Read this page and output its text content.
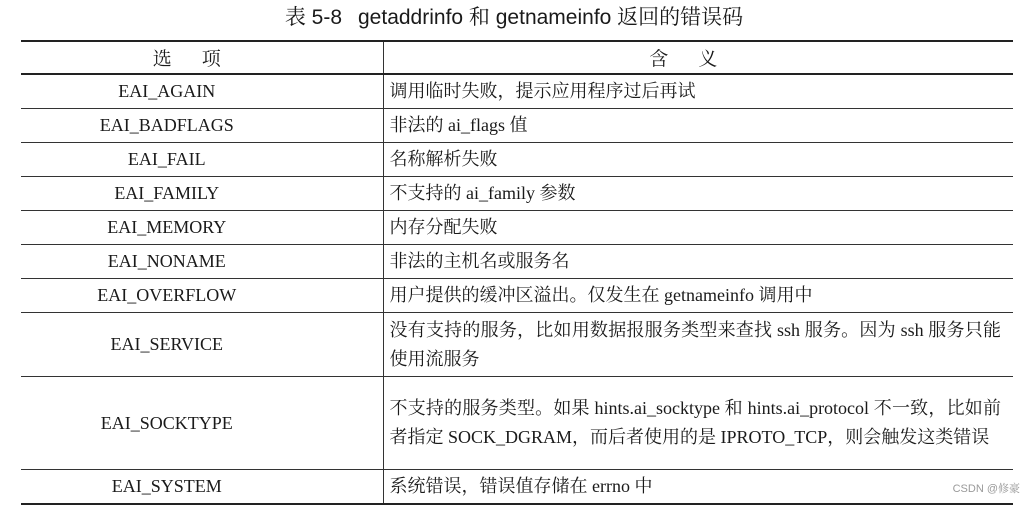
表 5-8 getaddrinfo 和 getnameinfo 返回的错误码
选项	含义
EAI_AGAIN	调用临时失败，提示应用程序过后再试
EAI_BADFLAGS	非法的 ai_flags 值
EAI_FAIL	名称解析失败
EAI_FAMILY	不支持的 ai_family 参数
EAI_MEMORY	内存分配失败
EAI_NONAME	非法的主机名或服务名
EAI_OVERFLOW	用户提供的缓冲区溢出。仅发生在 getnameinfo 调用中
EAI_SERVICE	没有支持的服务，比如用数据报服务类型来查找 ssh 服务。因为 ssh 服务只能使用流服务
EAI_SOCKTYPE	不支持的服务类型。如果 hints.ai_socktype 和 hints.ai_protocol 不一致，比如前者指定 SOCK_DGRAM，而后者使用的是 IPROTO_TCP，则会触发这类错误
EAI_SYSTEM	系统错误，错误值存储在 errno 中	CSDN @修豪
